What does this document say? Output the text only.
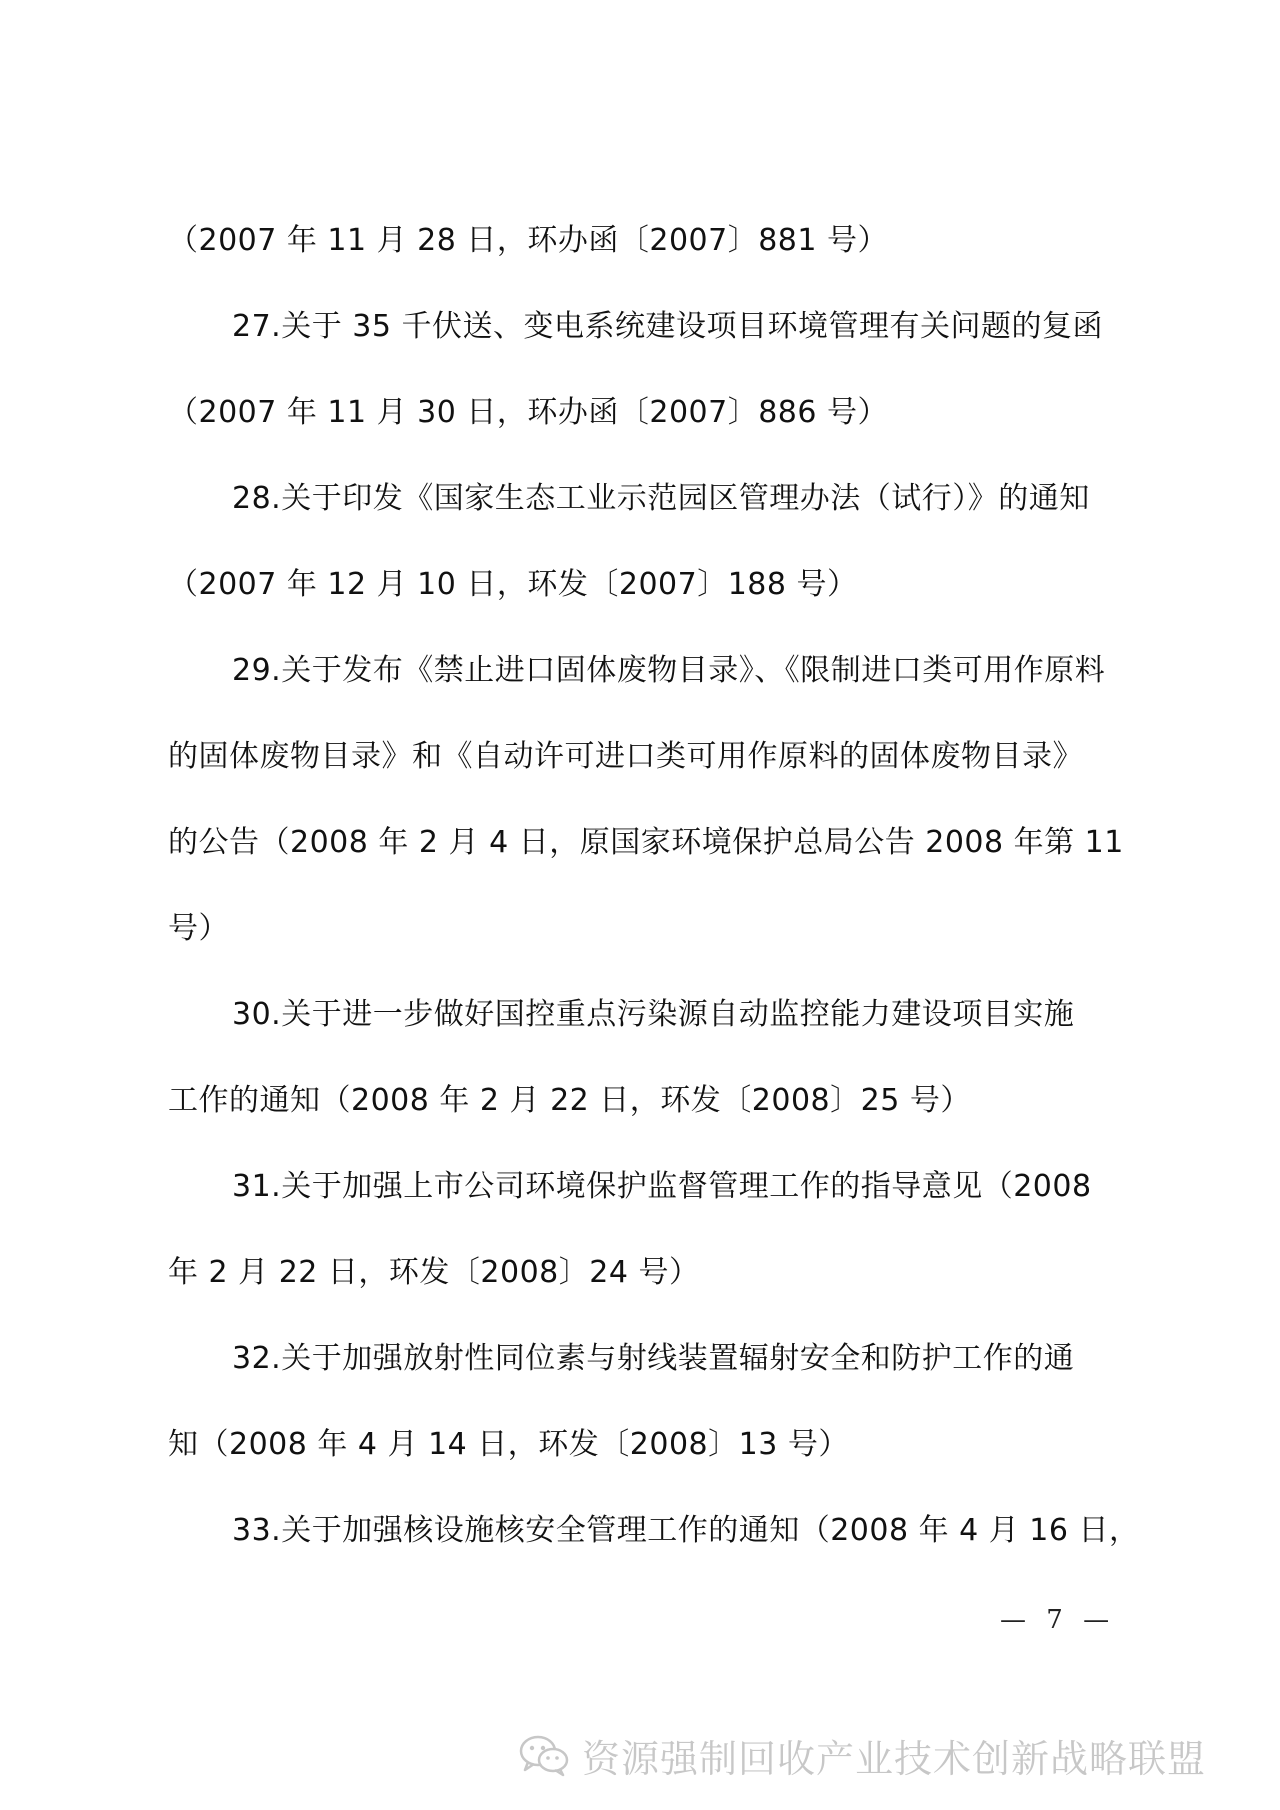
（2007 年 11 月 28 日，环办函〔2007〕881 号）
27.关于 35 千伏送、变电系统建设项目环境管理有关问题的复函
（2007 年 11 月 30 日，环办函〔2007〕886 号）
28.关于印发《国家生态工业示范园区管理办法（试行）》的通知
（2007 年 12 月 10 日，环发〔2007〕188 号）
29.关于发布《禁止进口固体废物目录》、《限制进口类可用作原料
的固体废物目录》和《自动许可进口类可用作原料的固体废物目录》
的公告（2008 年 2 月 4 日，原国家环境保护总局公告 2008 年第 11
号）
30.关于进一步做好国控重点污染源自动监控能力建设项目实施
工作的通知（2008 年 2 月 22 日，环发〔2008〕25 号）
31.关于加强上市公司环境保护监督管理工作的指导意见（2008
年 2 月 22 日，环发〔2008〕24 号）
32.关于加强放射性同位素与射线装置辐射安全和防护工作的通
知（2008 年 4 月 14 日，环发〔2008〕13 号）
33.关于加强核设施核安全管理工作的通知（2008 年 4 月 16 日，
— 7 —
资源强制回收产业技术创新战略联盟
